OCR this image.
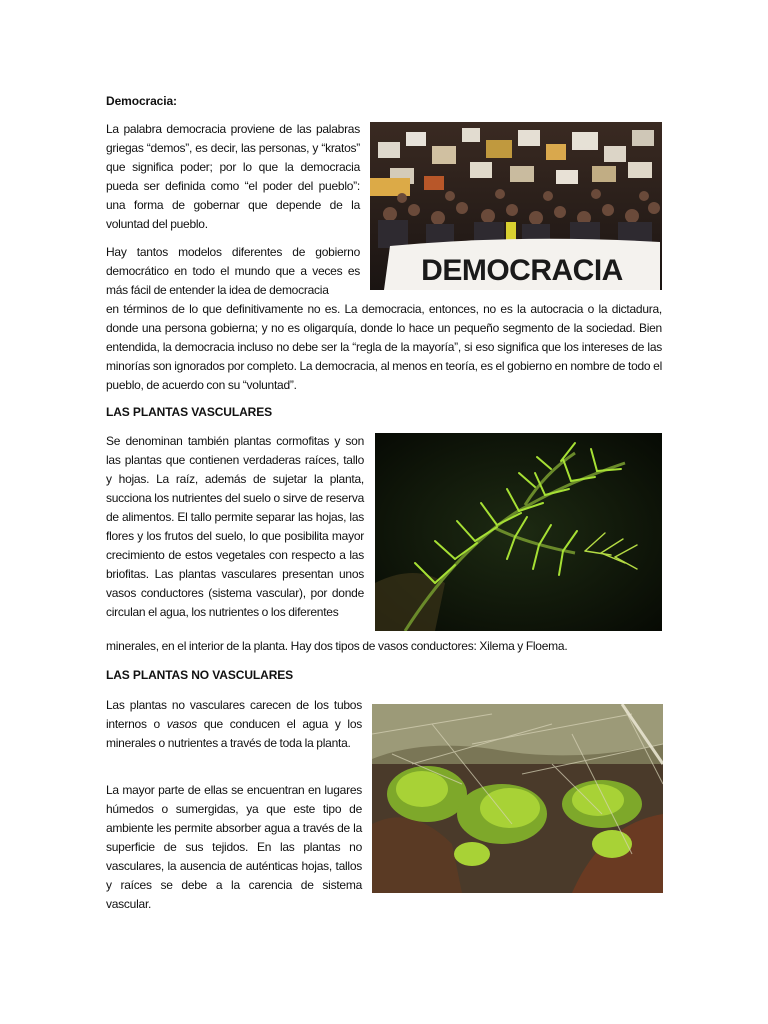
Democracia:

La palabra democracia proviene de las palabras griegas “demos”, es decir, las personas, y “kratos” que significa poder; por lo que la democracia pueda ser definida como “el poder del pueblo”: una forma de gobernar que depende de la voluntad del pueblo.

Hay tantos modelos diferentes de gobierno democrático en todo el mundo que a veces es más fácil de entender la idea de democracia

en términos de lo que definitivamente no es. La democracia, entonces, no es la autocracia o la dictadura, donde una persona gobierna; y no es oligarquía, donde lo hace un pequeño segmento de la sociedad. Bien entendida, la democracia incluso no debe ser la “regla de la mayoría”, si eso significa que los intereses de las minorías son ignorados por completo. La democracia, al menos en teoría, es el gobierno en nombre de todo el pueblo, de acuerdo con su “voluntad”.

DEMOCRACIA

LAS PLANTAS VASCULARES

Se denominan también plantas cormofitas y son las plantas que contienen verdaderas raíces, tallo y hojas. La raíz, además de sujetar la planta, succiona los nutrientes del suelo o sirve de reserva de alimentos. El tallo permite separar las hojas, las flores y los frutos del suelo, lo que posibilita mayor crecimiento de estos vegetales con respecto a las briofitas. Las plantas vasculares presentan unos vasos conductores (sistema vascular), por donde circulan el agua, los nutrientes o los diferentes

minerales, en el interior de la planta. Hay dos tipos de vasos conductores: Xilema y Floema.

LAS PLANTAS NO VASCULARES

Las plantas no vasculares carecen de los tubos internos o vasos que conducen el agua y los minerales o nutrientes a través de toda la planta.

La mayor parte de ellas se encuentran en lugares húmedos o sumergidas, ya que este tipo de ambiente les permite absorber agua a través de la superficie de sus tejidos. En las plantas no vasculares, la ausencia de auténticas hojas, tallos y raíces se debe a la carencia de sistema vascular.
